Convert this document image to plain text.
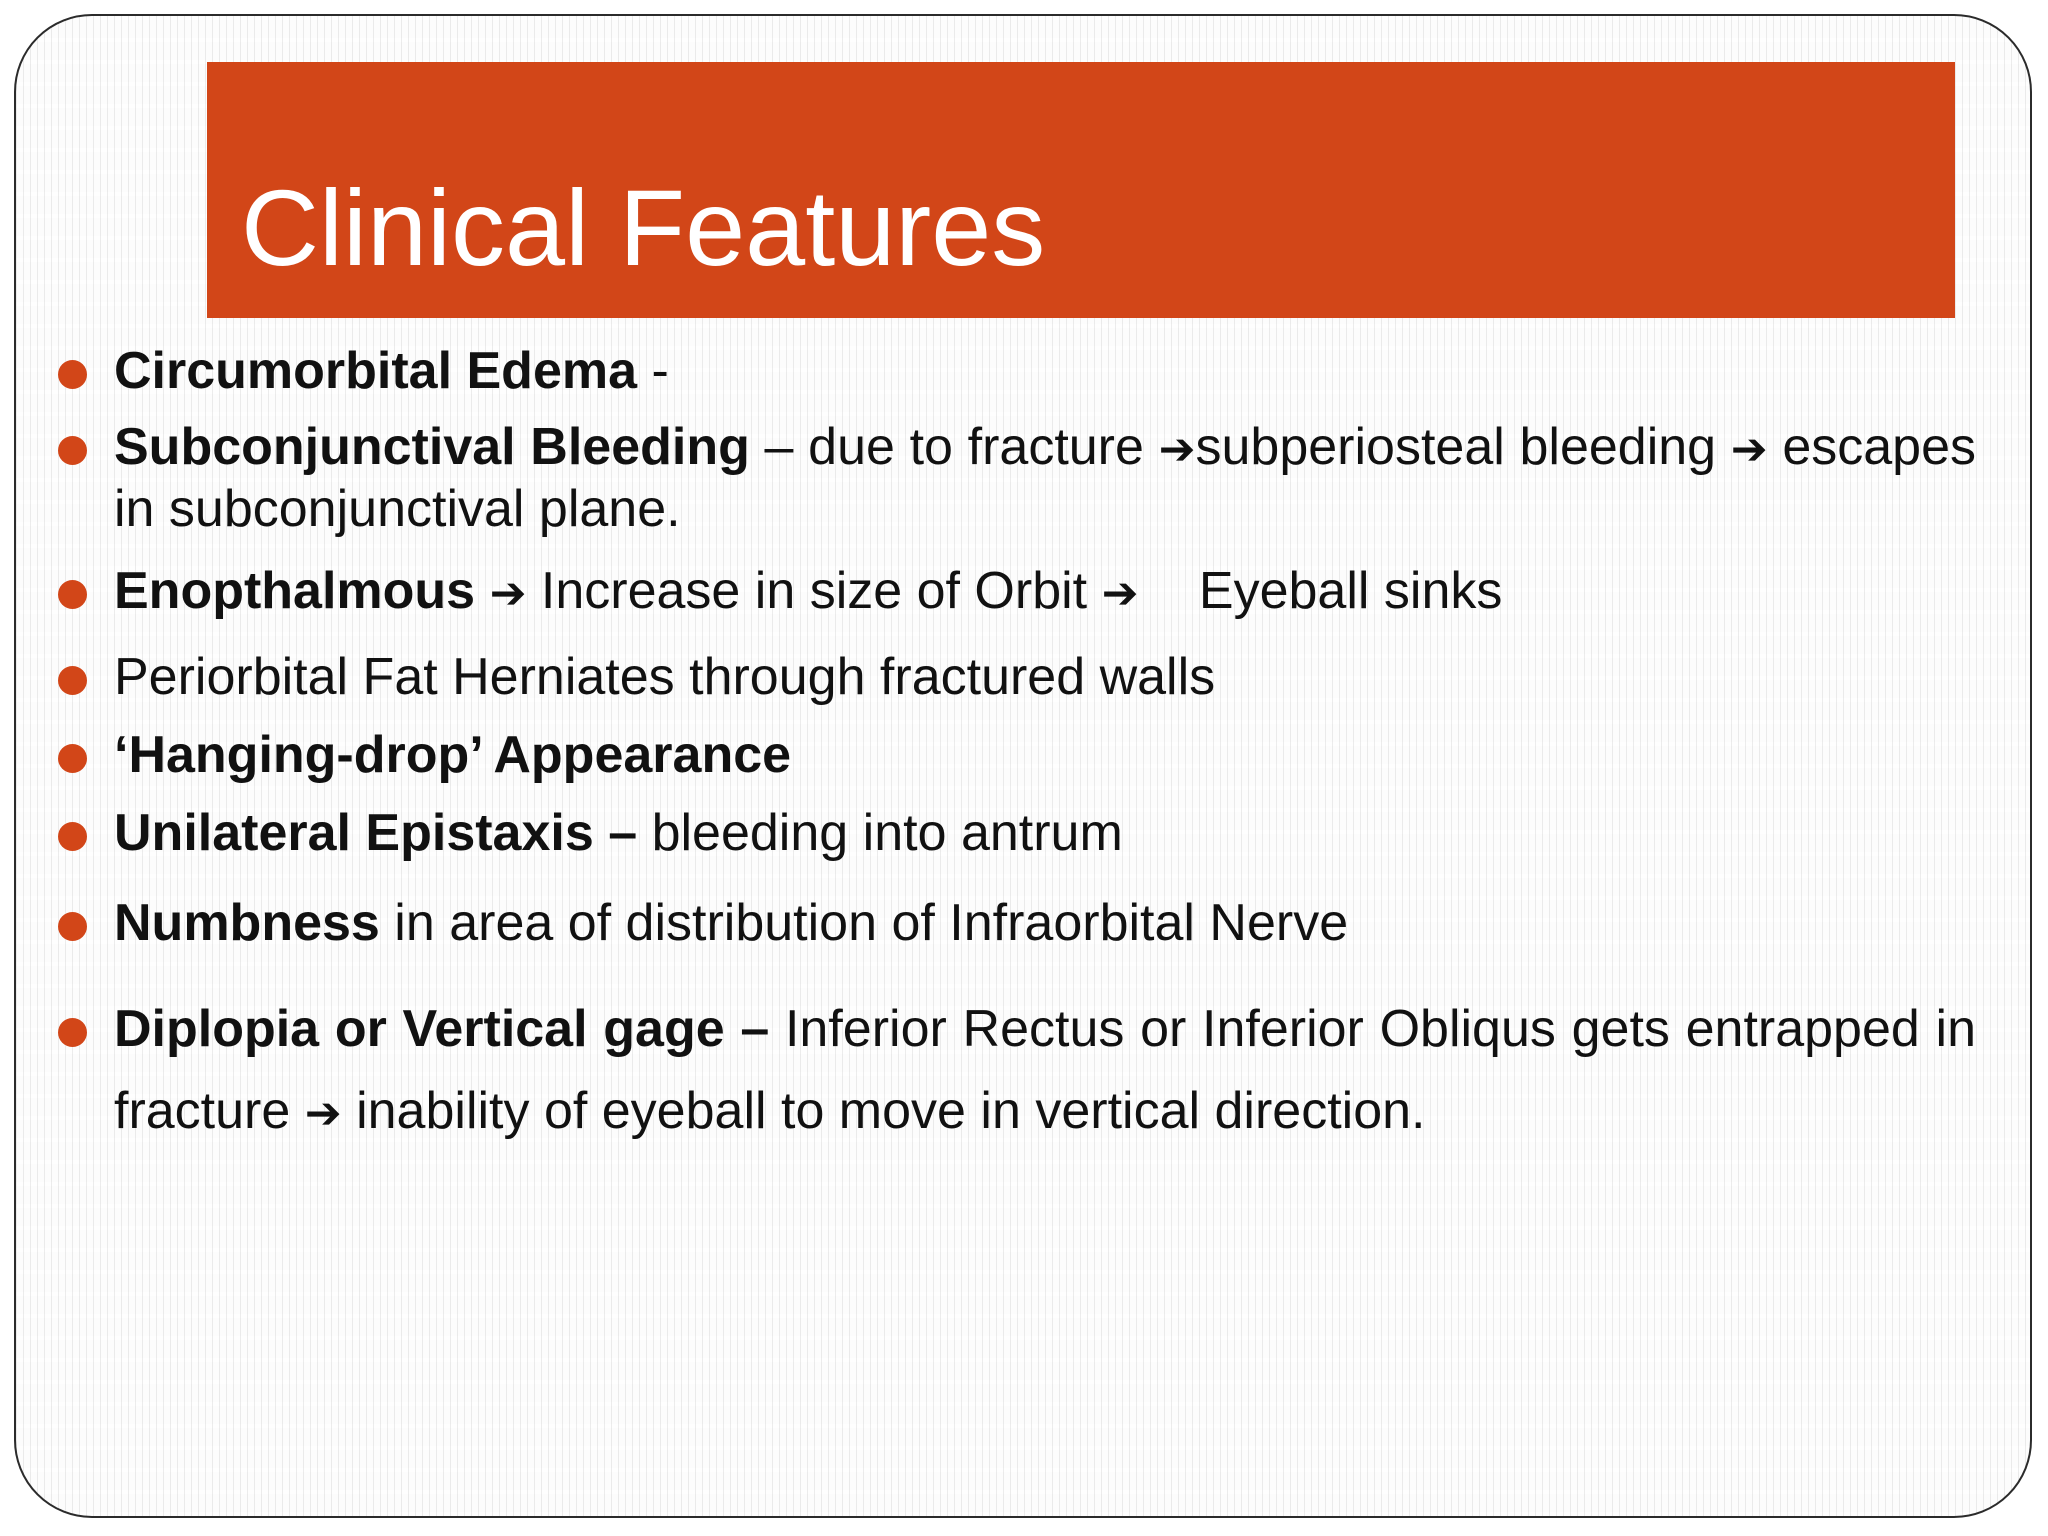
Clinical Features
Circumorbital Edema -
Subconjunctival Bleeding – due to fracture ➔subperiosteal bleeding ➔ escapes in subconjunctival plane.
Enopthalmous ➔ Increase in size of Orbit ➔ Eyeball sinks
Periorbital Fat Herniates through fractured walls
‘Hanging-drop’ Appearance
Unilateral Epistaxis – bleeding into antrum
Numbness in area of distribution of Infraorbital Nerve
Diplopia or Vertical gage – Inferior Rectus or Inferior Obliqus gets entrapped in fracture ➔ inability of eyeball to move in vertical direction.
